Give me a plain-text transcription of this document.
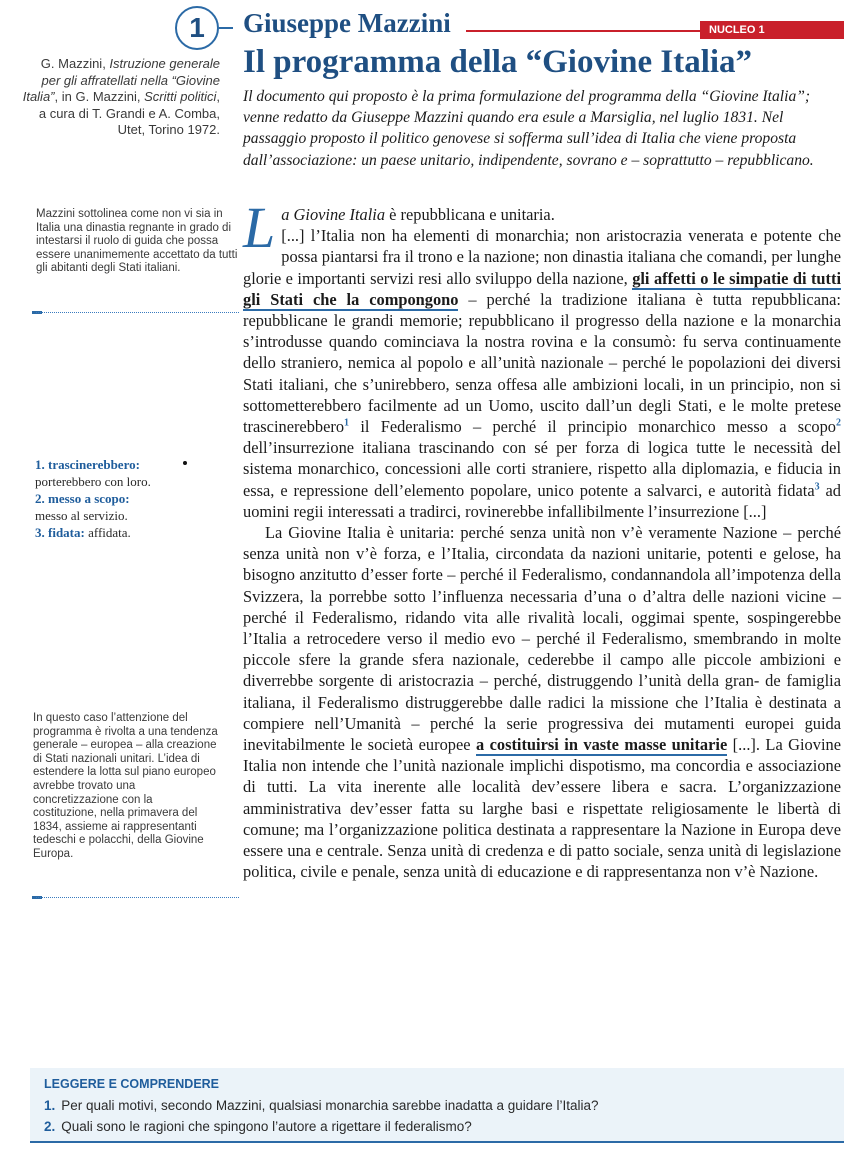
1	Giuseppe Mazzini	NUCLEO 1
Il programma della “Giovine Italia”
G. Mazzini, Istruzione generale per gli affratellati nella “Giovine Italia”, in G. Mazzini, Scritti politici, a cura di T. Grandi e A. Comba, Utet, Torino 1972.
Il documento qui proposto è la prima formulazione del programma della “Giovine Italia”; venne redatto da Giuseppe Mazzini quando era esule a Marsiglia, nel luglio 1831. Nel passaggio proposto il politico genovese si sofferma sull’idea di Italia che viene proposta dall’associazione: un paese unitario, indipendente, sovrano e – soprattutto – repubblicano.
Mazzini sottolinea come non vi sia in Italia una dinastia regnante in grado di intestarsi il ruolo di guida che possa essere unanimemente accettato da tutti gli abitanti degli Stati italiani.
In questo caso l’attenzione del programma è rivolta a una tendenza generale – europea – alla creazione di Stati nazionali unitari. L’idea di estendere la lotta sul piano europeo avrebbe trovato una concretizzazione con la costituzione, nella primavera del 1834, assieme ai rappresentanti tedeschi e polacchi, della Giovine Europa.
1. trascinerebbero:
porterebbero con loro.
2. messo a scopo:
messo al servizio.
3. fidata: affidata.

La Giovine Italia è repubblicana e unitaria.
[...] l’Italia non ha elementi di monarchia; non aristocrazia venerata e potente che possa piantarsi fra il trono e la nazione; non dinastia italiana che comandi, per lunghe glorie e importanti servizi resi allo sviluppo della nazione, gli affetti o le simpatie di tutti gli Stati che la compongono – perché la tradizione italiana è tutta repubblicana: repubblicane le grandi memorie; repubblicano il progresso della nazione e la monarchia s’introdusse quando cominciava la nostra rovina e la consumò: fu serva continuamente dello straniero, nemica al popolo e all’unità nazionale – perché le popolazioni dei diversi Stati italiani, che s’unirebbero, senza offesa alle ambizioni locali, in un principio, non si sottometterebbero facilmente ad un Uomo, uscito dall’un degli Stati, e le molte pretese trascinerebbero$^1$ il Federalismo – perché il principio monarchico messo a scopo$^2$ dell’insurrezione italiana trascinando con sé per forza di logica tutte le necessità del sistema monarchico, concessioni alle corti straniere, rispetto alla diplomazia, e fiducia in essa, e repressione dell’elemento popolare, unico potente a salvarci, e autorità fidata$^3$ ad uomini regii interessati a tradirci, rovinerebbe infallibilmente l’insurrezione [...]

La Giovine Italia è unitaria: perché senza unità non v’è veramente Nazione – perché senza unità non v’è forza, e l’Italia, circondata da nazioni unitarie, potenti e gelose, ha bisogno anzitutto d’esser forte – perché il Federalismo, condannandola all’impotenza della Svizzera, la porrebbe sotto l’influenza necessaria d’una o d’altra delle nazioni vicine – perché il Federalismo, ridando vita alle rivalità locali, oggimai spente, sospingerebbe l’Italia a retrocedere verso il medio evo – perché il Federalismo, smembrando in molte piccole sfere la grande sfera nazionale, cederebbe il campo alle piccole ambizioni e diverrebbe sorgente di aristocrazia – perché, distruggendo l’unità della gran- de famiglia italiana, il Federalismo distruggerebbe dalle radici la missione che l’Italia è destinata a compiere nell’Umanità – perché la serie progressiva dei mutamenti europei guida inevitabilmente le società europee a costituirsi in vaste masse unitarie [...]. La Giovine Italia non intende che l’unità nazionale implichi dispotismo, ma concordia e associazione di tutti. La vita inerente alle località dev’essere libera e sacra. L’organizzazione amministrativa dev’esser fatta su larghe basi e rispettate religiosamente le libertà di comune; ma l’organizzazione politica destinata a rappresentare la Nazione in Europa deve essere una e centrale. Senza unità di credenza e di patto sociale, senza unità di legislazione politica, civile e penale, senza unità di educazione e di rappresentanza non v’è Nazione.

LEGGERE E COMPRENDERE
1. Per quali motivi, secondo Mazzini, qualsiasi monarchia sarebbe inadatta a guidare l’Italia?
2. Quali sono le ragioni che spingono l’autore a rigettare il federalismo?
